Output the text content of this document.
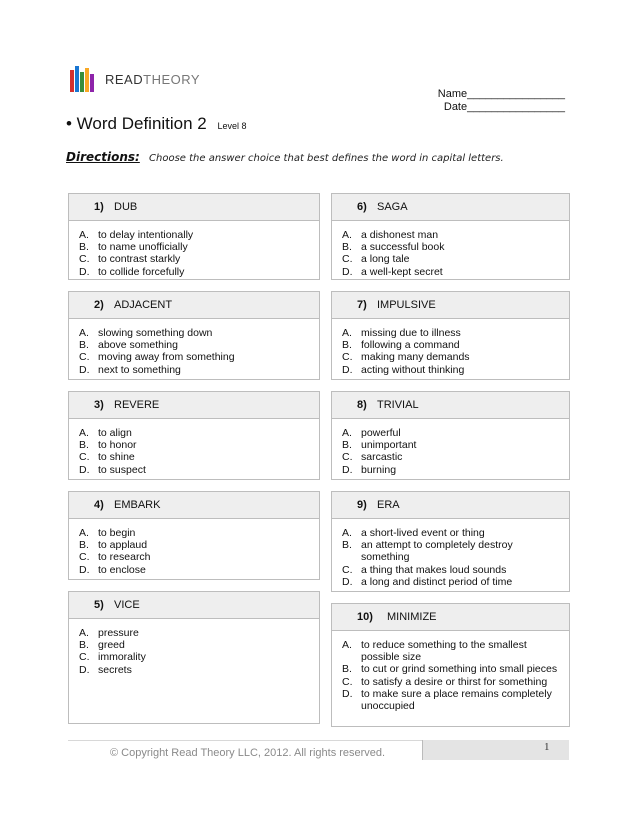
READTHEORY
Name________________
Date________________
• Word Definition 2 Level 8
Directions: Choose the answer choice that best defines the word in capital letters.
1) DUB
A. to delay intentionally
B. to name unofficially
C. to contrast starkly
D. to collide forcefully
2) ADJACENT
A. slowing something down
B. above something
C. moving away from something
D. next to something
3) REVERE
A. to align
B. to honor
C. to shine
D. to suspect
4) EMBARK
A. to begin
B. to applaud
C. to research
D. to enclose
5) VICE
A. pressure
B. greed
C. immorality
D. secrets
6) SAGA
A. a dishonest man
B. a successful book
C. a long tale
D. a well-kept secret
7) IMPULSIVE
A. missing due to illness
B. following a command
C. making many demands
D. acting without thinking
8) TRIVIAL
A. powerful
B. unimportant
C. sarcastic
D. burning
9) ERA
A. a short-lived event or thing
B. an attempt to completely destroy something
C. a thing that makes loud sounds
D. a long and distinct period of time
10)	MINIMIZE
A. to reduce something to the smallest possible size
B. to cut or grind something into small pieces
C. to satisfy a desire or thirst for something
D. to make sure a place remains completely unoccupied
© Copyright Read Theory LLC, 2012. All rights reserved.	1
